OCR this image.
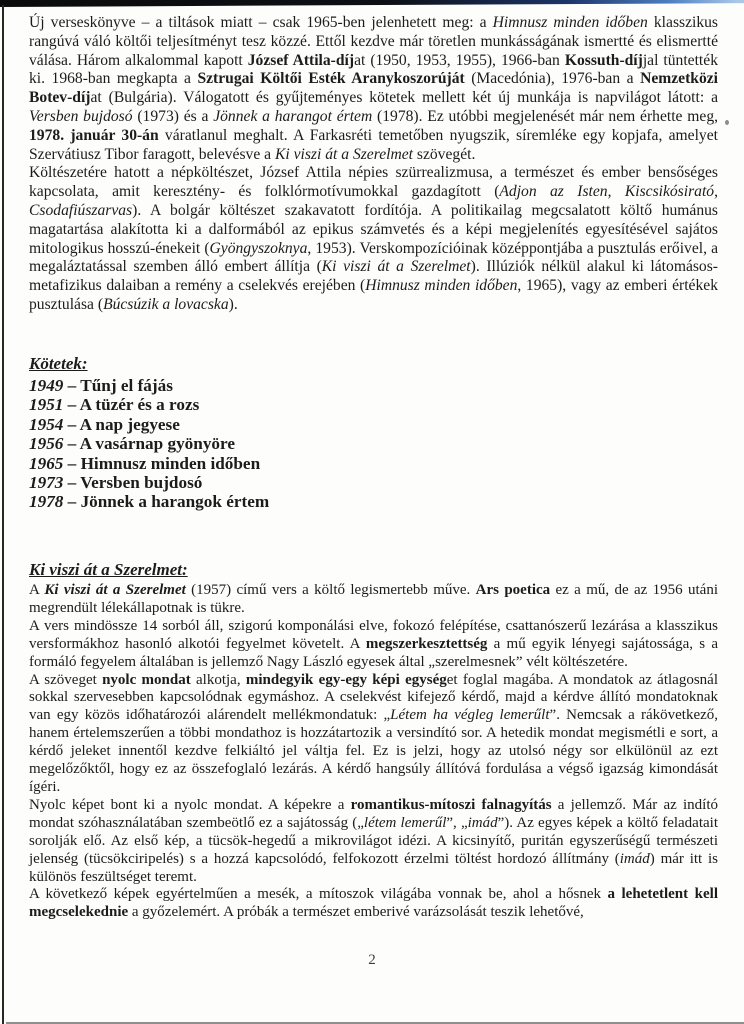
Új verseskönyve – a tiltások miatt – csak 1965-ben jelenhetett meg: a Himnusz minden időben klasszikus rangúvá váló költői teljesítményt tesz közzé. Ettől kezdve már töretlen munkásságának ismertté és elismertté válása. Három alkalommal kapott József Attila-díjat (1950, 1953, 1955), 1966-ban Kossuth-díjjal tüntették ki. 1968-ban megkapta a Sztrugai Költői Esték Aranykoszorúját (Macedónia), 1976-ban a Nemzetközi Botev-díjat (Bulgária). Válogatott és gyűjteményes kötetek mellett két új munkája is napvilágot látott: a Versben bujdosó (1973) és a Jönnek a harangot értem (1978). Ez utóbbi megjelenését már nem érhette meg, 1978. január 30-án váratlanul meghalt. A Farkasréti temetőben nyugszik, síremléke egy kopjafa, amelyet Szervátiusz Tibor faragott, belevésve a Ki viszi át a Szerelmet szövegét.

Költészetére hatott a népköltészet, József Attila népies szürrealizmusa, a természet és ember bensőséges kapcsolata, amit keresztény- és folklórmotívumokkal gazdagított (Adjon az Isten, Kiscsikósirató, Csodafiúszarvas). A bolgár költészet szakavatott fordítója. A politikailag megcsalatott költő humánus magatartása alakította ki a dalformából az epikus számvetés és a képi megjelenítés egyesítésével sajátos mitologikus hosszú-énekeit (Gyöngyszoknya, 1953). Verskompozícióinak középpontjába a pusztulás erőivel, a megaláztatással szemben álló embert állítja (Ki viszi át a Szerelmet). Illúziók nélkül alakul ki látomásos-metafizikus dalaiban a remény a cselekvés erejében (Himnusz minden időben, 1965), vagy az emberi értékek pusztulása (Búcsúzik a lovacska).

Kötetek:
1949 – Tűnj el fájás
1951 – A tüzér és a rozs
1954 – A nap jegyese
1956 – A vasárnap gyönyöre
1965 – Himnusz minden időben
1973 – Versben bujdosó
1978 – Jönnek a harangok értem
Ki viszi át a Szerelmet:

A Ki viszi át a Szerelmet (1957) című vers a költő legismertebb műve. Ars poetica ez a mű, de az 1956 utáni megrendült lélekállapotnak is tükre.

A vers mindössze 14 sorból áll, szigorú komponálási elve, fokozó felépítése, csattanószerű lezárása a klasszikus versformákhoz hasonló alkotói fegyelmet követelt. A megszerkesztettség a mű egyik lényegi sajátossága, s a formáló fegyelem általában is jellemző Nagy László egyesek által „szerelmesnek” vélt költészetére.

A szöveget nyolc mondat alkotja, mindegyik egy-egy képi egységet foglal magába. A mondatok az átlagosnál sokkal szervesebben kapcsolódnak egymáshoz. A cselekvést kifejező kérdő, majd a kérdve állító mondatoknak van egy közös időhatározói alárendelt mellékmondatuk: „Létem ha végleg lemerűlt”. Nemcsak a rákövetkező, hanem értelemszerűen a többi mondathoz is hozzátartozik a versindító sor. A hetedik mondat megismétli e sort, a kérdő jeleket innentől kezdve felkiáltó jel váltja fel. Ez is jelzi, hogy az utolsó négy sor elkülönül az ezt megelőzőktől, hogy ez az összefoglaló lezárás. A kérdő hangsúly állítóvá fordulása a végső igazság kimondását ígéri.

Nyolc képet bont ki a nyolc mondat. A képekre a romantikus-mítoszi falnagyítás a jellemző. Már az indító mondat szóhasználatában szembeötlő ez a sajátosság („létem lemerűl”, „imád”). Az egyes képek a költő feladatait sorolják elő. Az első kép, a tücsök-hegedű a mikrovilágot idézi. A kicsinyítő, puritán egyszerűségű természeti jelenség (tücsökciripelés) s a hozzá kapcsolódó, felfokozott érzelmi töltést hordozó állítmány (imád) már itt is különös feszültséget teremt.

A következő képek egyértelműen a mesék, a mítoszok világába vonnak be, ahol a hősnek a lehetetlent kell megcselekednie a győzelemért. A próbák a természet emberivé varázsolását teszik lehetővé,

2
